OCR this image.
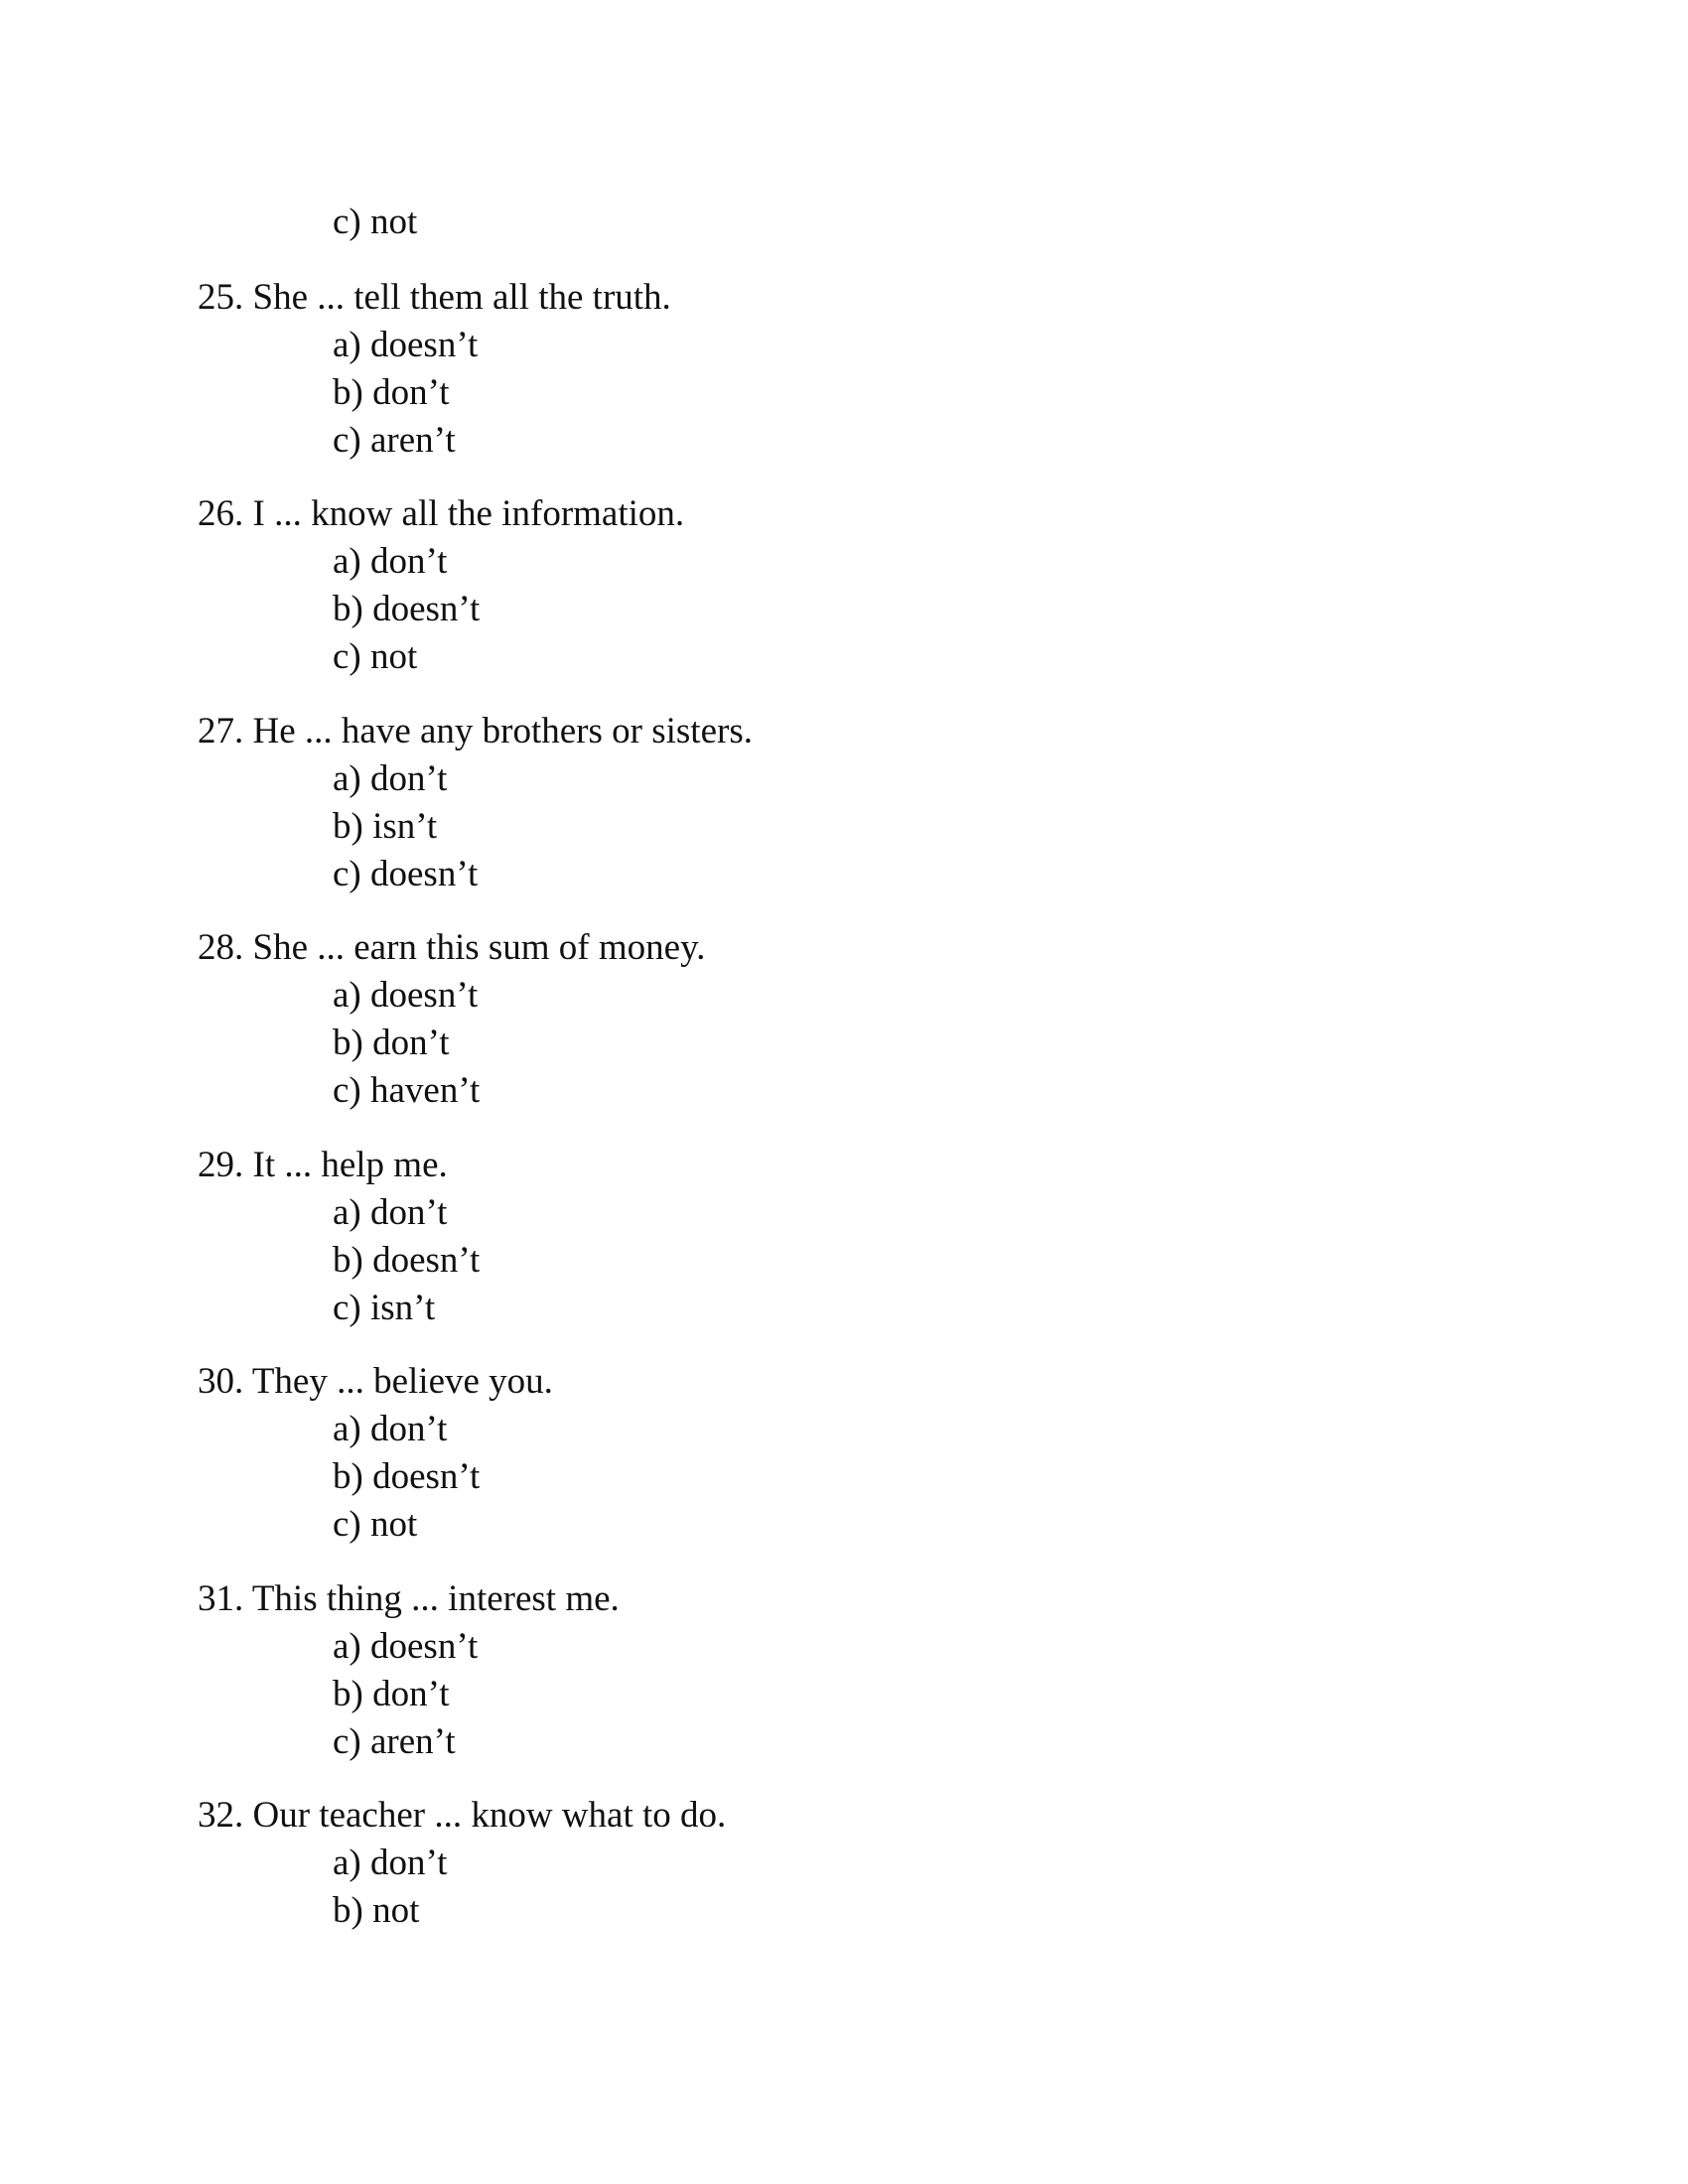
c) not
25. She ... tell them all the truth.
a) doesn’t
b) don’t
c) aren’t
26. I ... know all the information.
a) don’t
b) doesn’t
c) not
27. He ... have any brothers or sisters.
a) don’t
b) isn’t
c) doesn’t
28. She ... earn this sum of money.
a) doesn’t
b) don’t
c) haven’t
29. It ... help me.
a) don’t
b) doesn’t
c) isn’t
30. They ... believe you.
a) don’t
b) doesn’t
c) not
31. This thing ... interest me.
a) doesn’t
b) don’t
c) aren’t
32. Our teacher ... know what to do.
a) don’t
b) not
